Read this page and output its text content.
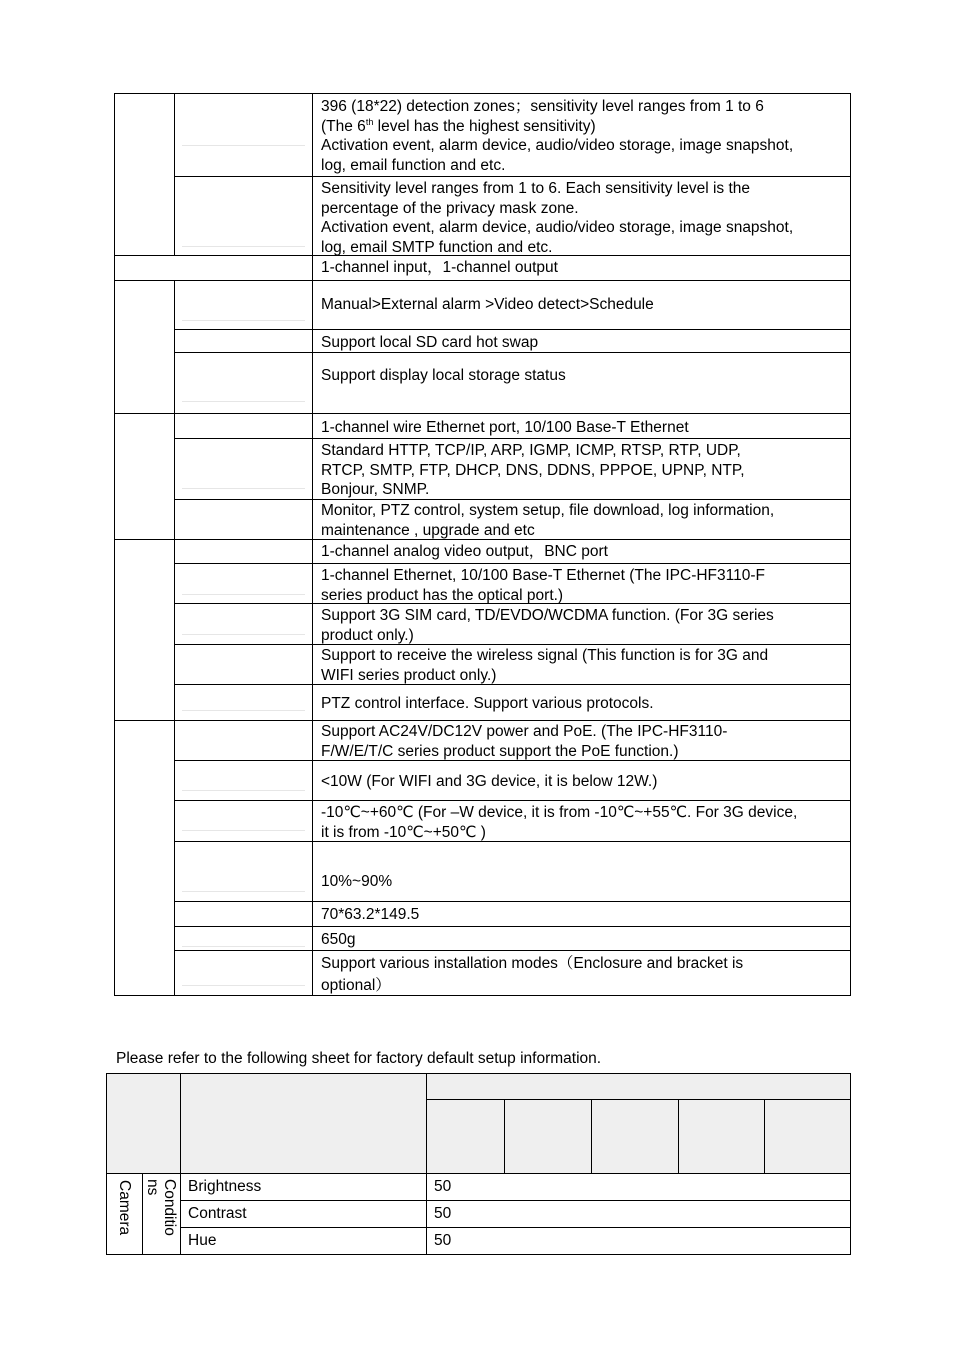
Please refer to the following sheet for factory default setup information.
396 (18*22) detection zones；sensitivity level ranges from 1 to 6
(The 6th level has the highest sensitivity)
Activation event, alarm device, audio/video storage, image snapshot,
log, email function and etc.
Sensitivity level ranges from 1 to 6. Each sensitivity level is the
percentage of the privacy mask zone.
Activation event, alarm device, audio/video storage, image snapshot,
log, email SMTP function and etc.
1-channel input，1-channel output
Manual>External alarm >Video detect>Schedule
Support local SD card hot swap
Support display local storage status
1-channel wire Ethernet port, 10/100 Base-T Ethernet
Standard HTTP, TCP/IP, ARP, IGMP, ICMP, RTSP, RTP, UDP,
RTCP, SMTP, FTP, DHCP, DNS, DDNS, PPPOE, UPNP, NTP,
Bonjour, SNMP.
Monitor, PTZ control, system setup, file download, log information,
maintenance , upgrade and etc
1-channel analog video output，BNC port
1-channel Ethernet, 10/100 Base-T Ethernet (The IPC-HF3110-F
series product has the optical port.)
Support 3G SIM card, TD/EVDO/WCDMA function. (For 3G series
product only.)
Support to receive the wireless signal (This function is for 3G and
WIFI series product only.)
PTZ control interface. Support various protocols.
Support AC24V/DC12V power and PoE. (The IPC-HF3110-
F/W/E/T/C series product support the PoE function.)
<10W (For WIFI and 3G device, it is below 12W.)
-10℃~+60℃ (For –W device, it is from -10℃~+55℃. For 3G device,
it is from -10℃~+50℃ )
10%~90%
70*63.2*149.5
650g
Support various installation modes（Enclosure and bracket is
optional）
Camera	Conditions	Brightness	50
Contrast	50
Hue	50
